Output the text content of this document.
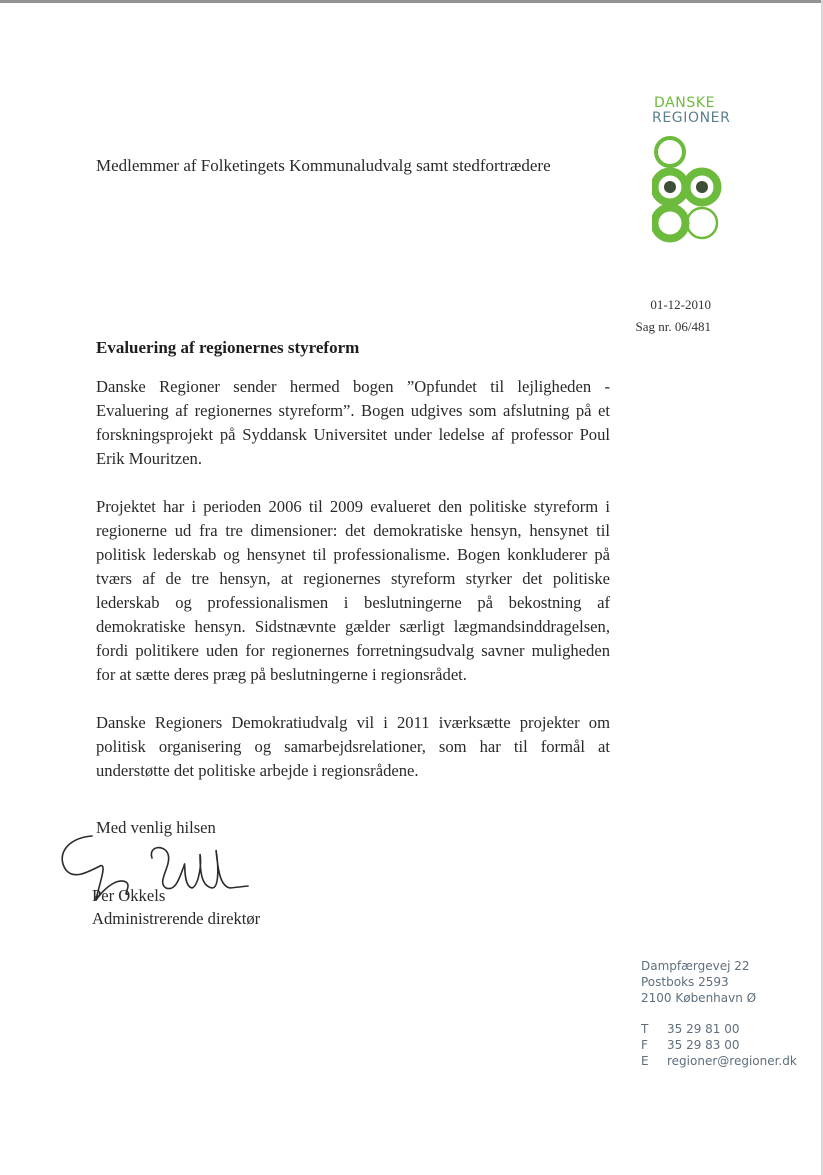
DANSKE
REGIONER
Medlemmer af Folketingets Kommunaludvalg samt stedfortrædere
01-12-2010
Sag nr. 06/481
Evaluering af regionernes styreform

Danske Regioner sender hermed bogen ”Opfundet til lejligheden - Evaluering af regionernes styreform”. Bogen udgives som afslutning på et forskningsprojekt på Syddansk Universitet under ledelse af professor Poul Erik Mouritzen.

Projektet har i perioden 2006 til 2009 evalueret den politiske styreform i regionerne ud fra tre dimensioner: det demokratiske hensyn, hensynet til politisk lederskab og hensynet til professionalisme. Bogen konkluderer på tværs af de tre hensyn, at regionernes styreform styrker det politiske lederskab og professionalismen i beslutningerne på bekostning af demokratiske hensyn. Sidstnævnte gælder særligt lægmandsinddragelsen, fordi politikere uden for regionernes forretningsudvalg savner muligheden for at sætte deres præg på beslutningerne i regionsrådet.

Danske Regioners Demokratiudvalg vil i 2011 iværksætte projekter om politisk organisering og samarbejdsrelationer, som har til formål at understøtte det politiske arbejde i regionsrådene.

Med venlig hilsen
Per Okkels
Administrerende direktør
Dampfærgevej 22
Postboks 2593
2100 København Ø
T 35 29 81 00
F 35 29 83 00
E regioner@regioner.dk
